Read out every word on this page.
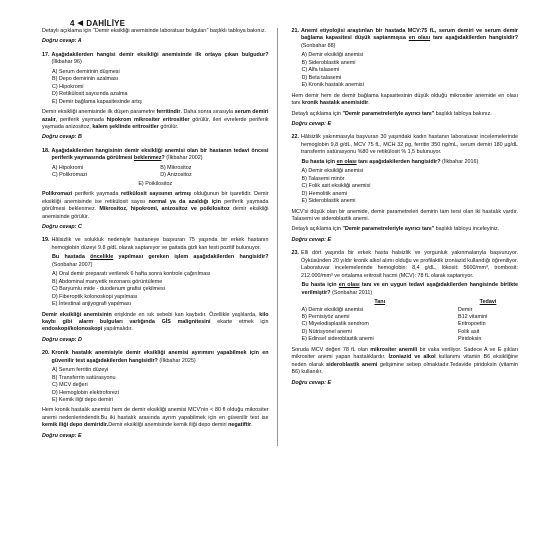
4 ◀ DAHİLİYE

Detaylı açıklama için "Demir eksikliği anemisinde laboratuar bulguları" başlıklı tabloya bakınız.

Doğru cevap: A

17. Aşağıdakilerden hangisi demir eksikliği anemisinde ilk ortaya çıkan bulgudur? (İlkbahar 96)
A) Serum demirinin düşmesi
B) Depo demirinin azalması
C) Hipokromi
D) Retikülosit sayısında azalma
E) Demir bağlama kapasitesinde artış

Demir eksikliği anemisinde ilk düşen parametre ferritindir. Daha sonra sırasıyla serum demiri azalır, periferik yaymada hipokrom mikrositer eritrositler görülür, ileri evrelerde periferik yaymada anizositoz, kalem şeklinde eritrositler görülür.

Doğru cevap: B

18. Aşağıdakilerden hangisinin demir eksikliği anemisi olan bir hastanın tedavi öncesi periferik yaymasında görülmesi beklenmez? (İlkbahar 2002)
A) Hipokromi	B) Mikrositoz
C) Polikromazi	D) Anizositoz
E) Poikilositoz

Polikromazi periferik yaymada retikülosit sayısının artmış olduğunun bir işaretidir. Demir eksikliği anemisinde ise retikülosit sayısı normal ya da azaldığı için periferik yaymada görülmesi beklenmez. Mikrositoz, hipokromi, anizositoz ve poikilositoz demir eksikliği anemisinde görülür.

Doğru cevap: C

19. Hâlsizlik ve solukluk nedeniyle hastaneye başvuran 75 yaşında bir erkek hastanın hemoglobin düzeyi 9.8 g/dL olarak saptanıyor ve gaitada gizli kan testi pozitif bulunuyor.

Bu hastada öncelikle yapılması gereken işlem aşağıdakilerden hangisidir? (Sonbahar 2007)

A) Oral demir preparatı verilerek 6 hafta sonra kontrole çağırılması
B) Abdominal manyetik rezonans görüntüleme
C) Baryumlu mide - duodenum grafisi çekilmesi
D) Fiberoptik kolonoskopi yapılması
E) İntestinal anjiyografi yapılması

Demir eksikliği anemisinin erişkinde en sık sebebi kan kaybıdır. Özellikle yaşlılarda, kilo kaybı gibi alarm bulguları varlığında GİS malignitesini ekarte etmek için endoskopi/kolonoskopi yapılmalıdır.

Doğru cevap: D

20. Kronik hastalık anemisiyle demir eksikliği anemisi ayırımını yapabilmek için en güvenilir test aşağıdakilerden hangisidir? (İlkbahar 2025)
A) Serum ferritin düzeyi
B) Transferrin satürasyonu
C) MCV değeri
D) Hemoglobin elektroforezi
E) Kemik iliği depo demiri

Hem kronik hastalık anemisi hem de demir eksikliği anemisi MCV'nin < 80 fl olduğu mikrositer anemi nedenlerindendir.Bu iki hastalık arasında ayrım yapabilmek için en güvenilir test ise kemik iliği depo demiridir.Demir eksikliği anemisinde kemik iliği depo demiri negatiftir.

Doğru cevap: E

21. Anemi etiyolojisi araştırılan bir hastada MCV:75 fL, serum demiri ve serum demir bağlama kapasitesi düşük saptanmışsa en olası tanı aşağıdakilerden hangisidir? (Sonbahar 88)
A) Demir eksikliği anemisi
B) Sideroblastik anemi
C) Alfa talasemi
D) Beta talasemi
E) Kronik hastalık anemisi

Hem demir hem de demir bağlama kapasitesinin düşük olduğu mikrositer anemide en olası tanı kronik hastalık anemisidir.

Detaylı açıklama için "Demir parametreleriyle ayırıcı tanı" başlıklı tabloya bakınız.

Doğru cevap: E

22. Hâlsizlik yakınmasıyla başvuran 30 yaşındaki kadın hastanın laboratuvar incelemelerinde hemoglobin 9,8 g/dL, MCV 75 fL, MCH 32 pg, ferritin 350 ng/mL, serum demiri 180 µg/dL transferrin satürasyonu %80 ve retikülosit % 1,5 bulunuyor.

Bu hasta için en olası tanı aşağıdakilerden hangisidir? (İlkbahar 2016)

A) Demir eksikliği anemisi
B) Talasemi minör
C) Folik asit eksikliği anemisi
D) Hemolitik anemi
E) Sideroblastik anemi

MCV'si düşük olan bir anemide, demir parametreleri demirin tam tersi olan iki hastalık vardır. Talasemi ve sideroblastik anemi.

Detaylı açıklama için "Demir parametreleriyle ayırıcı tanı" başlıklı tabloyu inceleyiniz.

Doğru cevap: E

23. Elli dört yaşında bir erkek hasta halsizlik ve yorgunluk yakınmalarıyla başvuruyor. Öyküsünden 20 yıldır kronik alkol alımı olduğu ve profilaktik izoniazid kullandığı öğreniliyor. Laboratuvar incelemelerinde hemoglobin: 8,4 g/dL, lökosit: 5600/mm³, trombosit: 212.000/mm³ ve ortalama eritrosit hacmi (MCV): 78 fL olarak saptanıyor.

Bu hasta için en olası tanı ve en uygun tedavi aşağıdakilerden hangisinde birlikte verilmiştir? (Sonbahar 2011)

Tanı	Tedavi
A) Demir eksikliği anemisi	Demir
B) Pernisiyöz anemi	B12 vitamini
C) Miyelodisplastik sendrom	Eritropoetin
D) Nütrisyonel anemi	Folik asit
E) Edinsel sideroblastik anemi	Piridoksin

Soruda MCV değeri 78 fL olan mikrositer anemili bir vaka veriliyor. Sadece A ve E şıkları mikrositer anemi yapan hastalıklardır. İzoniazid ve alkol kullanımı vitamin B6 eksikliğine neden olarak sideroblastik anemi gelişimine sebep olmaktadır.Tedavide piridoksin (vitamin B6) kullanılır.

Doğru cevap: E
